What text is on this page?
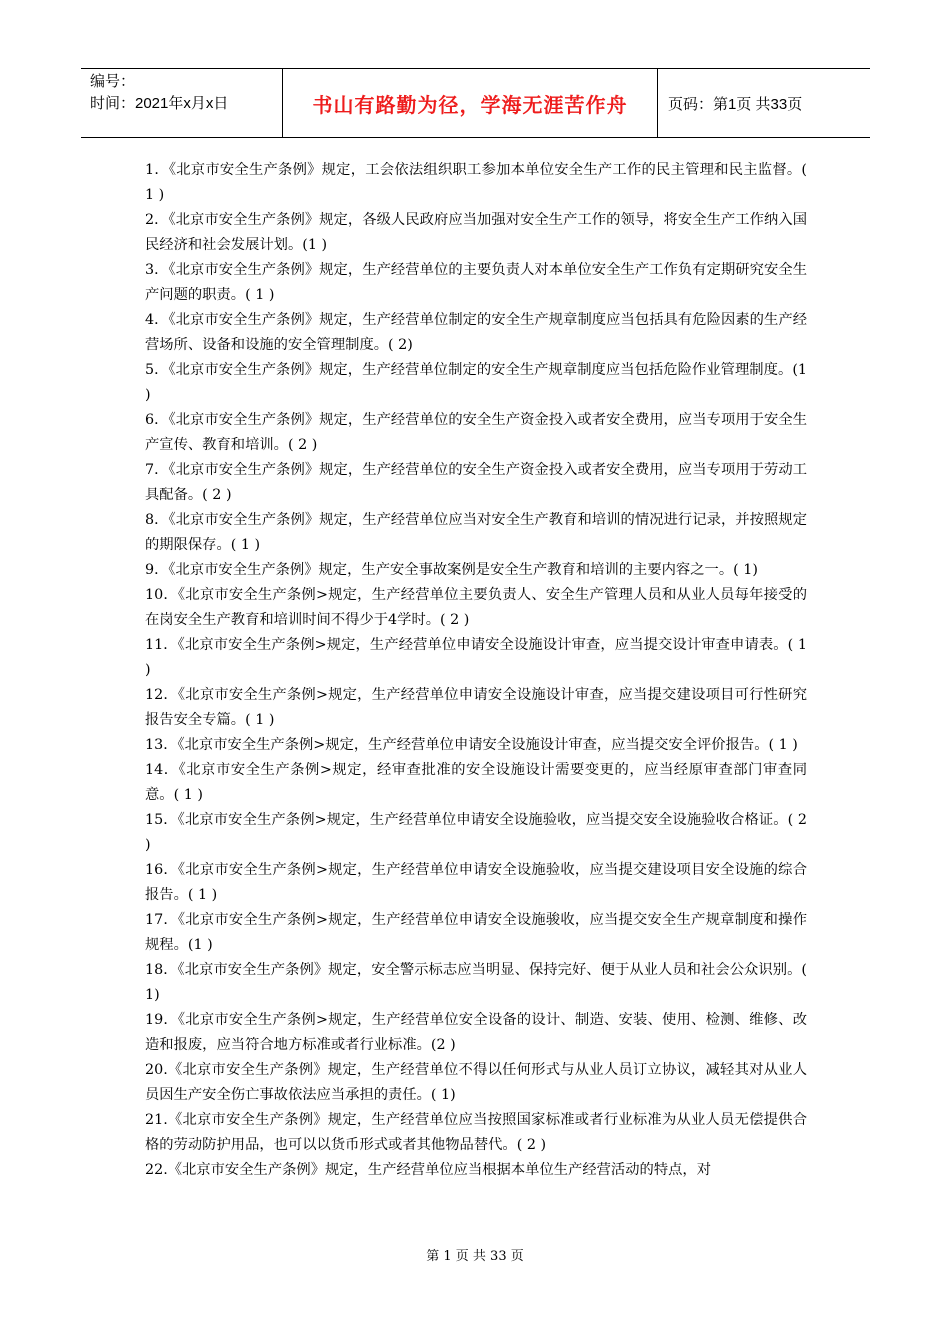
编号：
时间：2021年x月x日	书山有路勤为径，学海无涯苦作舟	页码：第1页 共33页

1．《北京市安全生产条例》规定，工会依法组织职工参加本单位安全生产工作的民主管理和民主监督。( 1 )

2．《北京市安全生产条例》规定，各级人民政府应当加强对安全生产工作的领导，将安全生产工作纳入国民经济和社会发展计划。(1 )

3．《北京市安全生产条例》规定，生产经营单位的主要负责人对本单位安全生产工作负有定期研究安全生产问题的职责。( 1 )

4．《北京市安全生产条例》规定，生产经营单位制定的安全生产规章制度应当包括具有危险因素的生产经营场所、设备和设施的安全管理制度。( 2)

5．《北京市安全生产条例》规定，生产经营单位制定的安全生产规章制度应当包括危险作业管理制度。(1 )

6．《北京市安全生产条例》规定，生产经营单位的安全生产资金投入或者安全费用，应当专项用于安全生产宣传、教育和培训。( 2 )

7．《北京市安全生产条例》规定，生产经营单位的安全生产资金投入或者安全费用，应当专项用于劳动工具配备。( 2 )

8．《北京市安全生产条例》规定，生产经营单位应当对安全生产教育和培训的情况进行记录，并按照规定的期限保存。( 1 )

9．《北京市安全生产条例》规定，生产安全事故案例是安全生产教育和培训的主要内容之一。( 1)

10．《北京市安全生产条例>规定，生产经营单位主要负责人、安全生产管理人员和从业人员每年接受的在岗安全生产教育和培训时间不得少于4学时。( 2 )

11．《北京市安全生产条例>规定，生产经营单位申请安全设施设计审查，应当提交设计审查申请表。( 1 )

12．《北京市安全生产条例>规定，生产经营单位申请安全设施设计审查，应当提交建设项目可行性研究报告安全专篇。( 1 )

13．《北京市安全生产条例>规定，生产经营单位申请安全设施设计审查，应当提交安全评价报告。( 1 )

14．《北京市安全生产条例>规定，经审查批准的安全设施设计需要变更的，应当经原审查部门审查同意。( 1 )

15．《北京市安全生产条例>规定，生产经营单位申请安全设施验收，应当提交安全设施验收合格证。( 2 )

16．《北京市安全生产条例>规定，生产经营单位申请安全设施验收，应当提交建设项目安全设施的综合报告。( 1 )

17．《北京市安全生产条例>规定，生产经营单位申请安全设施骏收，应当提交安全生产规章制度和操作规程。(1 )

18．《北京市安全生产条例》规定，安全警示标志应当明显、保持完好、便于从业人员和社会公众识别。( 1)

19．《北京市安全生产条例>规定，生产经营单位安全设备的设计、制造、安装、使用、检测、维修、改造和报废，应当符合地方标准或者行业标准。(2 )

20.《北京市安全生产条例》规定，生产经营单位不得以任何形式与从业人员订立协议，减轻其对从业人员因生产安全伤亡事故依法应当承担的责任。( 1)

21.《北京市安全生产条例》规定，生产经营单位应当按照国家标准或者行业标准为从业人员无偿提供合格的劳动防护用品，也可以以货币形式或者其他物品替代。( 2 )

22.《北京市安全生产条例》规定，生产经营单位应当根据本单位生产经营活动的特点，对

第 1 页 共 33 页
